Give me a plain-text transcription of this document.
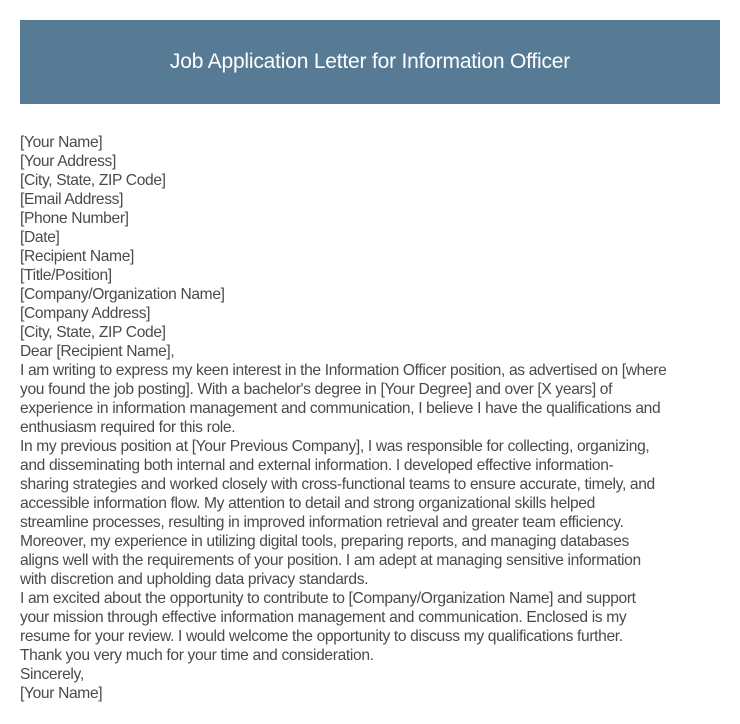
Job Application Letter for Information Officer
[Your Name]
[Your Address]
[City, State, ZIP Code]
[Email Address]
[Phone Number]
[Date]
[Recipient Name]
[Title/Position]
[Company/Organization Name]
[Company Address]
[City, State, ZIP Code]
Dear [Recipient Name],

I am writing to express my keen interest in the Information Officer position, as advertised on [where
you found the job posting]. With a bachelor's degree in [Your Degree] and over [X years] of
experience in information management and communication, I believe I have the qualifications and
enthusiasm required for this role.

In my previous position at [Your Previous Company], I was responsible for collecting, organizing,
and disseminating both internal and external information. I developed effective information-
sharing strategies and worked closely with cross-functional teams to ensure accurate, timely, and
accessible information flow. My attention to detail and strong organizational skills helped
streamline processes, resulting in improved information retrieval and greater team efficiency.
Moreover, my experience in utilizing digital tools, preparing reports, and managing databases
aligns well with the requirements of your position. I am adept at managing sensitive information
with discretion and upholding data privacy standards.

I am excited about the opportunity to contribute to [Company/Organization Name] and support
your mission through effective information management and communication. Enclosed is my
resume for your review. I would welcome the opportunity to discuss my qualifications further.

Thank you very much for your time and consideration.
Sincerely,
[Your Name]
